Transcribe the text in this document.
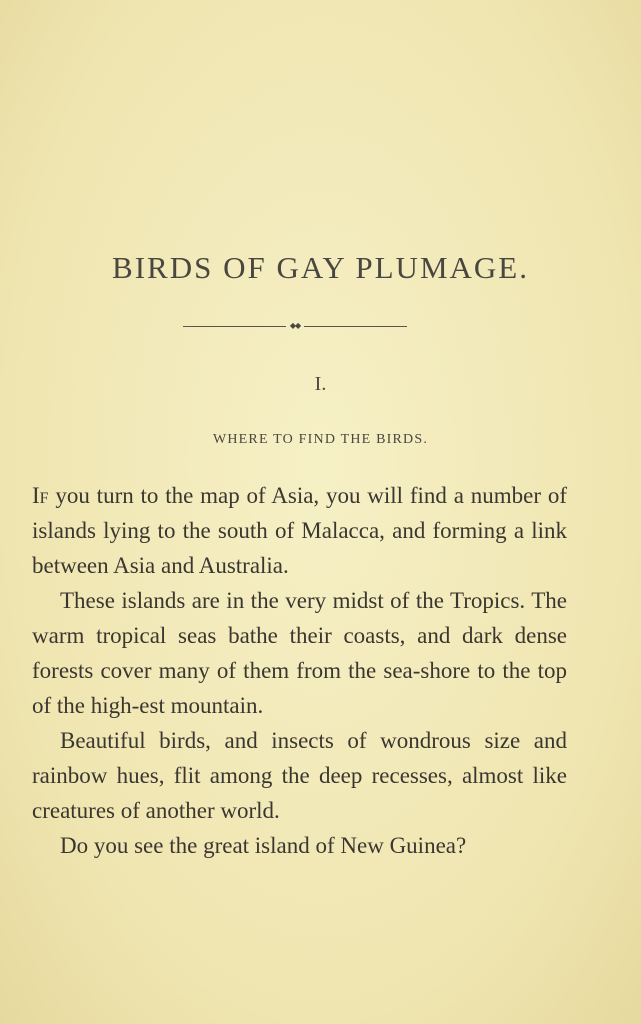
BIRDS OF GAY PLUMAGE.
◆◆
I.
WHERE TO FIND THE BIRDS.

If you turn to the map of Asia, you will find a number of islands lying to the south of Malacca, and forming a link between Asia and Australia.

These islands are in the very midst of the Tropics. The warm tropical seas bathe their coasts, and dark dense forests cover many of them from the sea-shore to the top of the high-est mountain.

Beautiful birds, and insects of wondrous size and rainbow hues, flit among the deep recesses, almost like creatures of another world.

Do you see the great island of New Guinea?
